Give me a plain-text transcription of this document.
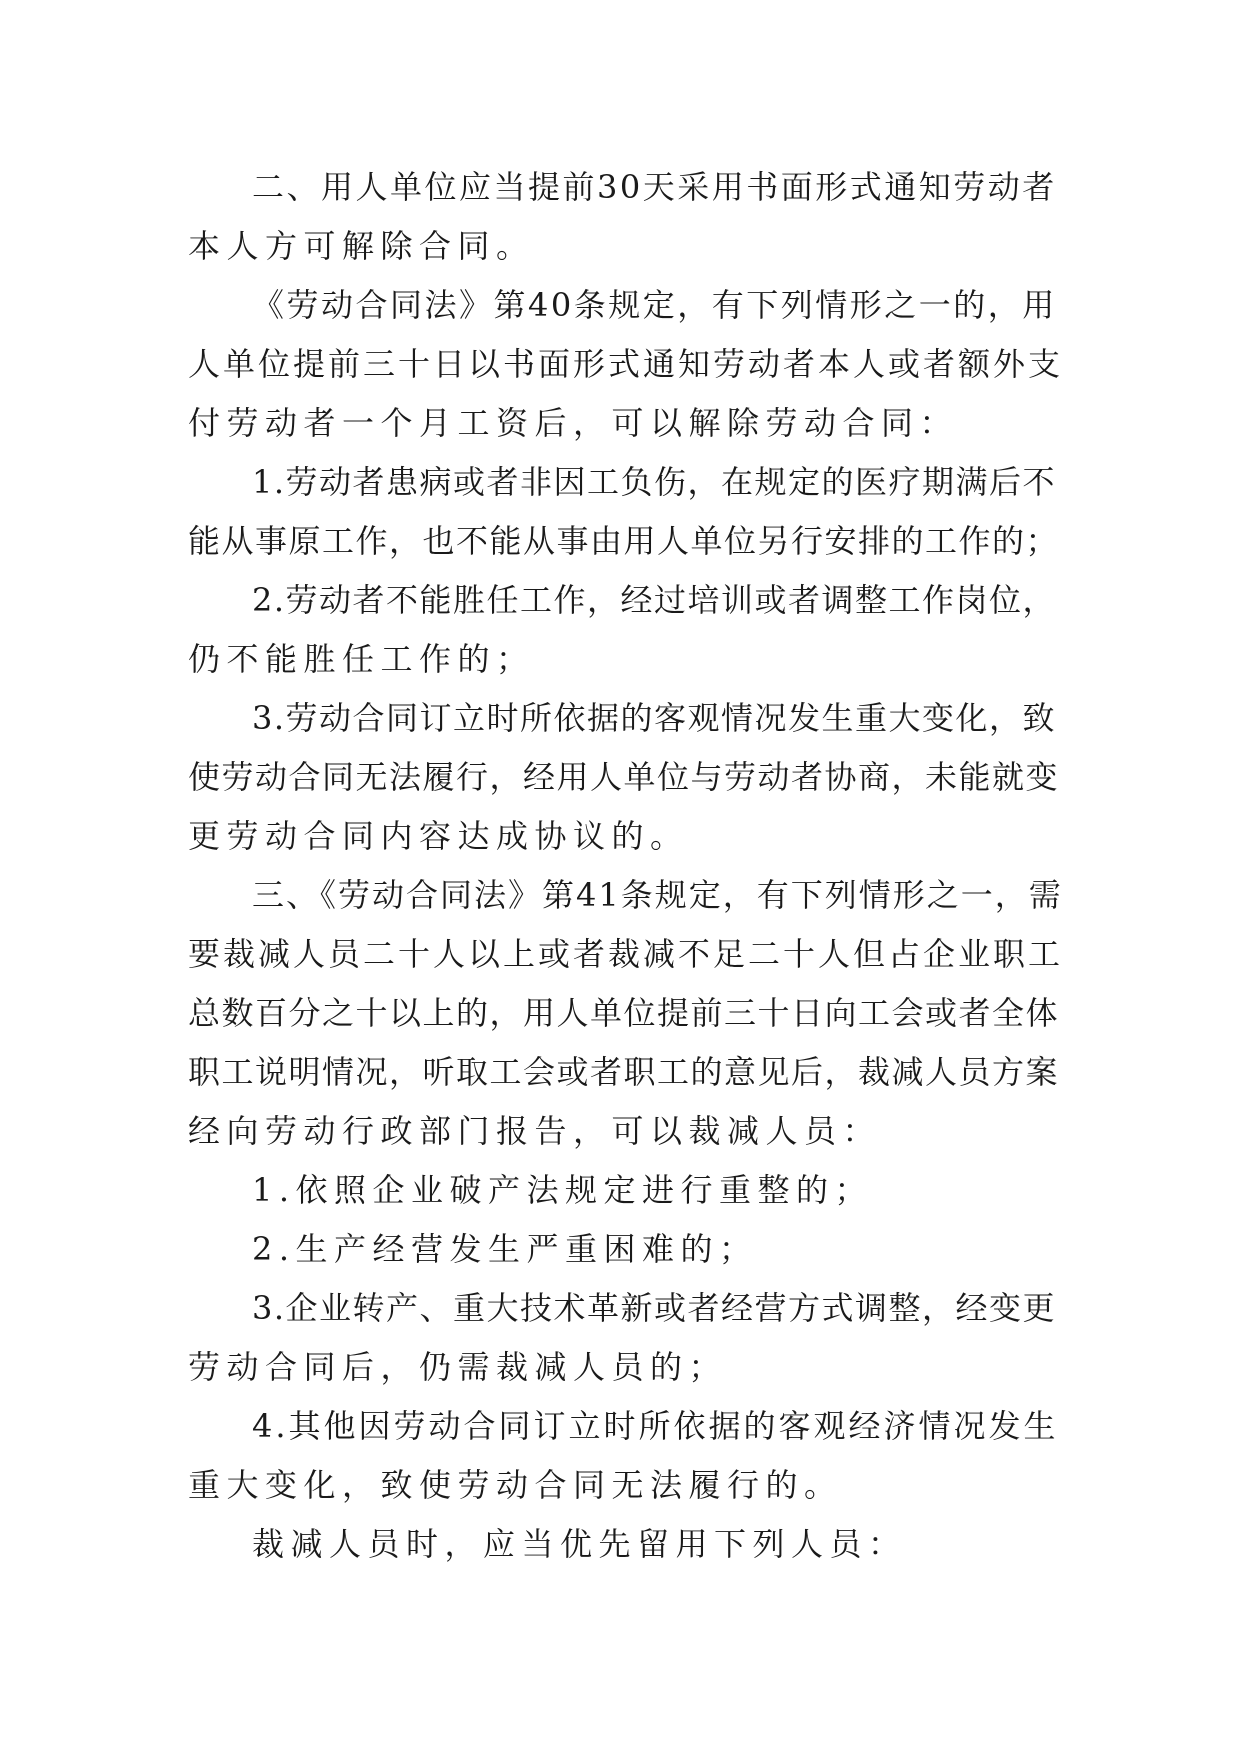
二、用人单位应当提前30天采用书面形式通知劳动者
本人方可解除合同。
《劳动合同法》第40条规定，有下列情形之一的，用
人单位提前三十日以书面形式通知劳动者本人或者额外支
付劳动者一个月工资后，可以解除劳动合同：
1.劳动者患病或者非因工负伤，在规定的医疗期满后不
能从事原工作，也不能从事由用人单位另行安排的工作的；
2.劳动者不能胜任工作，经过培训或者调整工作岗位，
仍不能胜任工作的；
3.劳动合同订立时所依据的客观情况发生重大变化，致
使劳动合同无法履行，经用人单位与劳动者协商，未能就变
更劳动合同内容达成协议的。
三、《劳动合同法》第41条规定，有下列情形之一，需
要裁减人员二十人以上或者裁减不足二十人但占企业职工
总数百分之十以上的，用人单位提前三十日向工会或者全体
职工说明情况，听取工会或者职工的意见后，裁减人员方案
经向劳动行政部门报告，可以裁减人员：
1.依照企业破产法规定进行重整的；
2.生产经营发生严重困难的；
3.企业转产、重大技术革新或者经营方式调整，经变更
劳动合同后，仍需裁减人员的；
4.其他因劳动合同订立时所依据的客观经济情况发生
重大变化，致使劳动合同无法履行的。
裁减人员时，应当优先留用下列人员：
